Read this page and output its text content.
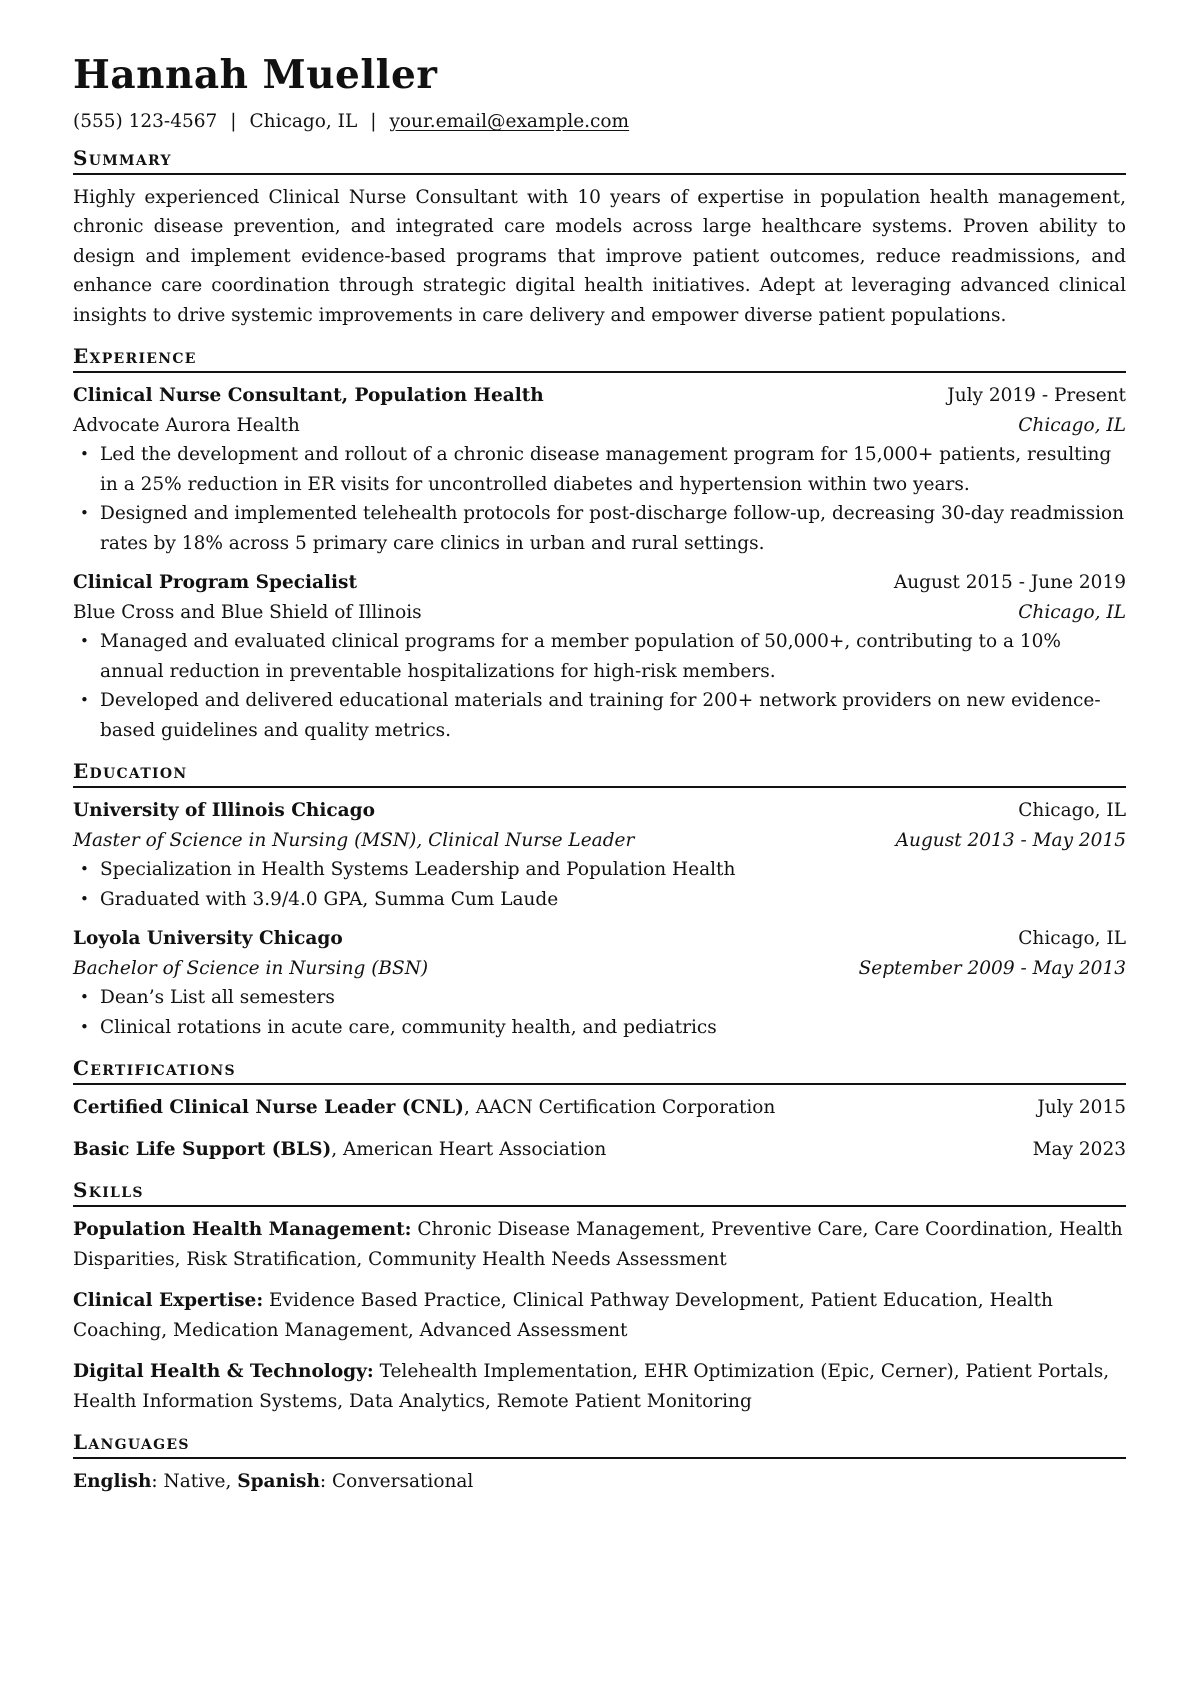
Hannah Mueller
(555) 123-4567 | Chicago, IL | your.email@example.com
Summary
Highly experienced Clinical Nurse Consultant with 10 years of expertise in population health management, chronic disease prevention, and integrated care models across large healthcare systems. Proven ability to design and implement evidence-based programs that improve patient outcomes, reduce readmissions, and enhance care coordination through strategic digital health initiatives. Adept at leveraging advanced clinical insights to drive systemic improvements in care delivery and empower diverse patient populations.
Experience
Clinical Nurse Consultant, Population Health	July 2019 - Present
Advocate Aurora Health	Chicago, IL
• Led the development and rollout of a chronic disease management program for 15,000+ patients, resulting in a 25% reduction in ER visits for uncontrolled diabetes and hypertension within two years.
• Designed and implemented telehealth protocols for post-discharge follow-up, decreasing 30-day readmission rates by 18% across 5 primary care clinics in urban and rural settings.
Clinical Program Specialist	August 2015 - June 2019
Blue Cross and Blue Shield of Illinois	Chicago, IL
• Managed and evaluated clinical programs for a member population of 50,000+, contributing to a 10% annual reduction in preventable hospitalizations for high-risk members.
• Developed and delivered educational materials and training for 200+ network providers on new evidence-based guidelines and quality metrics.
Education
University of Illinois Chicago	Chicago, IL
Master of Science in Nursing (MSN), Clinical Nurse Leader	August 2013 - May 2015
• Specialization in Health Systems Leadership and Population Health
• Graduated with 3.9/4.0 GPA, Summa Cum Laude
Loyola University Chicago	Chicago, IL
Bachelor of Science in Nursing (BSN)	September 2009 - May 2013
• Dean’s List all semesters
• Clinical rotations in acute care, community health, and pediatrics
Certifications
Certified Clinical Nurse Leader (CNL), AACN Certification Corporation	July 2015
Basic Life Support (BLS), American Heart Association	May 2023
Skills
Population Health Management: Chronic Disease Management, Preventive Care, Care Coordination, Health Disparities, Risk Stratification, Community Health Needs Assessment
Clinical Expertise: Evidence Based Practice, Clinical Pathway Development, Patient Education, Health Coaching, Medication Management, Advanced Assessment
Digital Health & Technology: Telehealth Implementation, EHR Optimization (Epic, Cerner), Patient Portals, Health Information Systems, Data Analytics, Remote Patient Monitoring
Languages
English: Native, Spanish: Conversational
